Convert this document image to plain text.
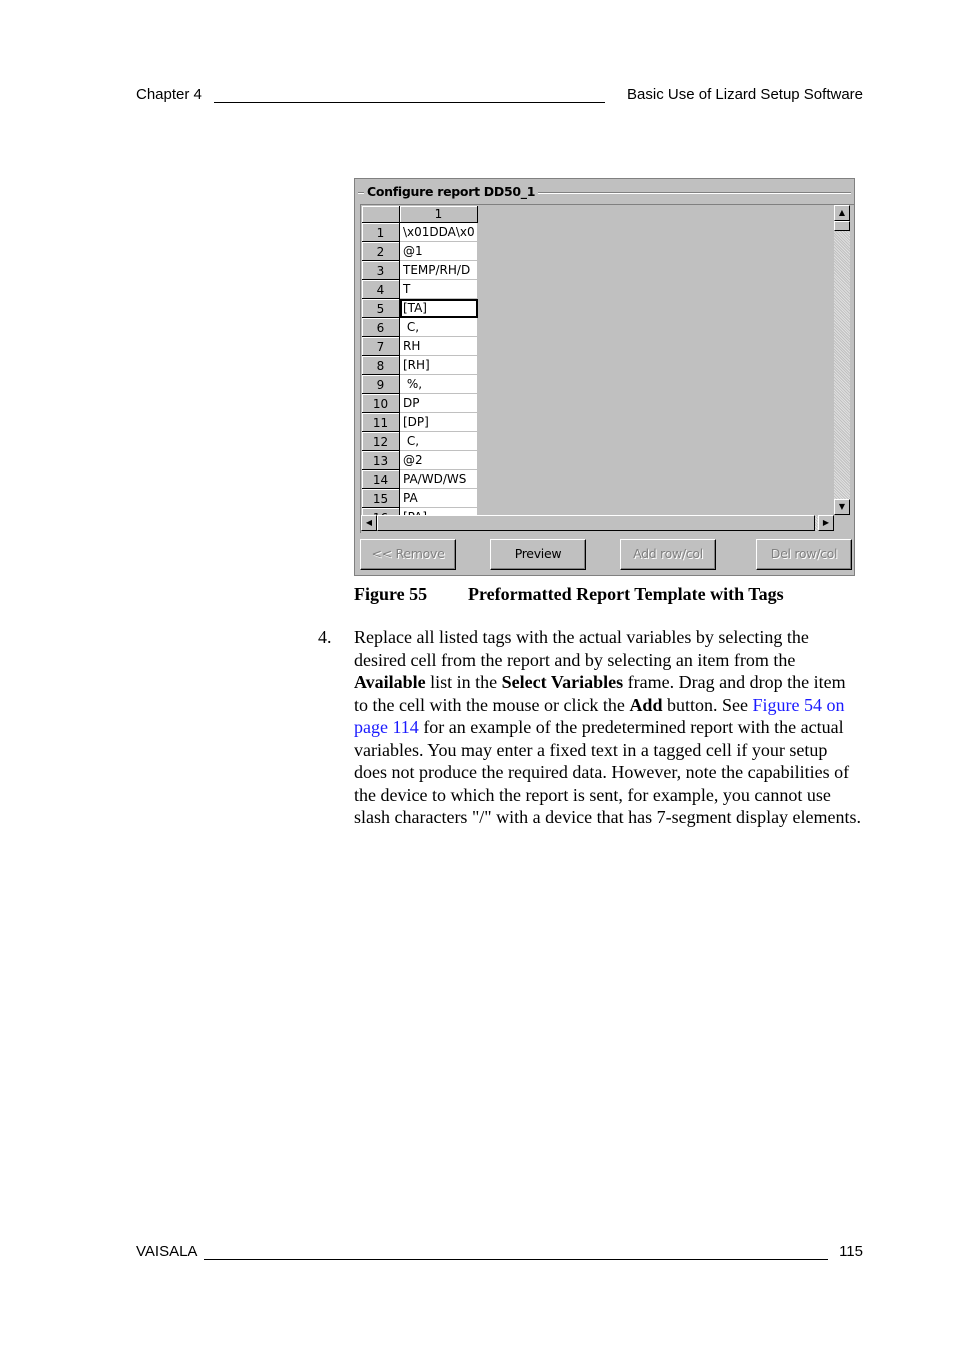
Chapter 4	Basic Use of Lizard Setup Software
Configure report DD50_1
1
1	\x01DDA\x0
2	@1
3	TEMP/RH/D
4	T
5	[TA]
6	C,
7	RH
8	[RH]
9	%,
10	DP
11	[DP]
12	C,
13	@2
14	PA/WD/WS
15	PA
▲
▼
◀	▶
<< Remove	Preview	Add row/col	Del row/col
Figure 55 Preformatted Report Template with Tags
4. Replace all listed tags with the actual variables by selecting the desired cell from the report and by selecting an item from the Available list in the Select Variables frame. Drag and drop the item to the cell with the mouse or click the Add button. See Figure 54 on page 114 for an example of the predetermined report with the actual variables. You may enter a fixed text in a tagged cell if your setup does not produce the required data. However, note the capabilities of the device to which the report is sent, for example, you cannot use slash characters "/" with a device that has 7-segment display elements.
VAISALA	115
